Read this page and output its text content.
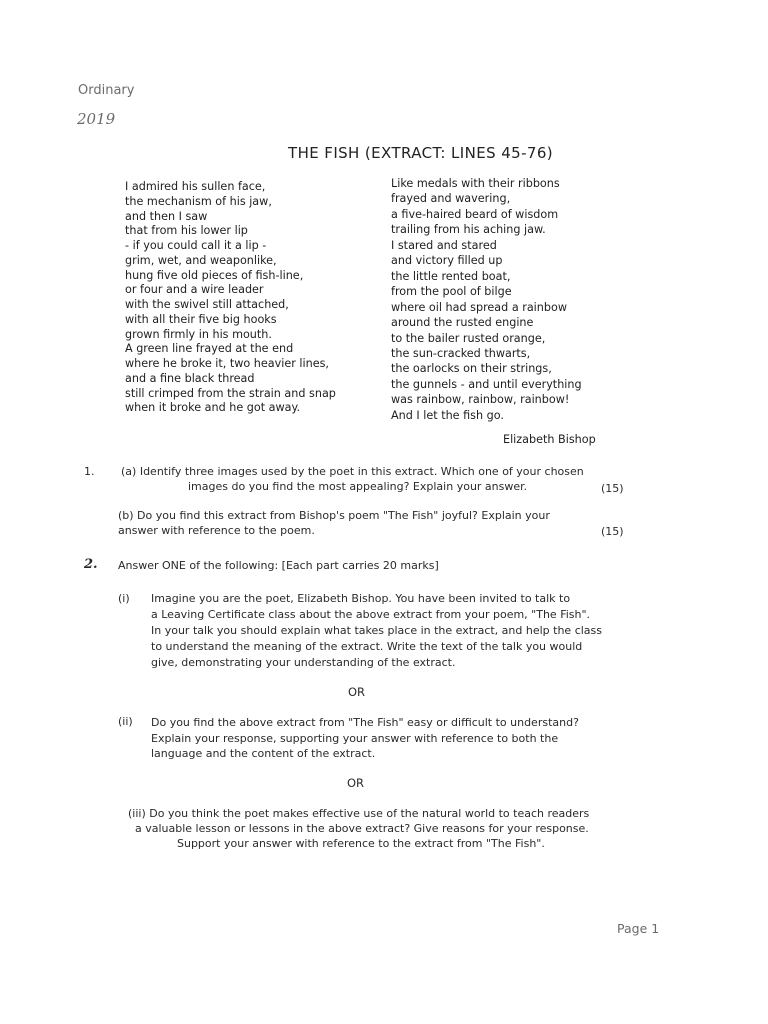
Ordinary
2019
THE FISH (EXTRACT: LINES 45-76)
I admired his sullen face,
the mechanism of his jaw,
and then I saw
that from his lower lip
- if you could call it a lip -
grim, wet, and weaponlike,
hung five old pieces of fish-line,
or four and a wire leader
with the swivel still attached,
with all their five big hooks
grown firmly in his mouth.
A green line frayed at the end
where he broke it, two heavier lines,
and a fine black thread
still crimped from the strain and snap
when it broke and he got away.
Like medals with their ribbons
frayed and wavering,
a five-haired beard of wisdom
trailing from his aching jaw.
I stared and stared
and victory filled up
the little rented boat,
from the pool of bilge
where oil had spread a rainbow
around the rusted engine
to the bailer rusted orange,
the sun-cracked thwarts,
the oarlocks on their strings,
the gunnels - and until everything
was rainbow, rainbow, rainbow!
And I let the fish go.
Elizabeth Bishop
1. (a) Identify three images used by the poet in this extract. Which one of your chosen
images do you find the most appealing? Explain your answer.	(15)
(b) Do you find this extract from Bishop's poem "The Fish" joyful? Explain your
answer with reference to the poem.	(15)
2. Answer ONE of the following: [Each part carries 20 marks]
(i) Imagine you are the poet, Elizabeth Bishop. You have been invited to talk to
a Leaving Certificate class about the above extract from your poem, "The Fish".
In your talk you should explain what takes place in the extract, and help the class
to understand the meaning of the extract. Write the text of the talk you would
give, demonstrating your understanding of the extract.
OR
(ii) Do you find the above extract from "The Fish" easy or difficult to understand?
Explain your response, supporting your answer with reference to both the
language and the content of the extract.
OR
(iii) Do you think the poet makes effective use of the natural world to teach readers
a valuable lesson or lessons in the above extract? Give reasons for your response.
Support your answer with reference to the extract from "The Fish".
Page 1
